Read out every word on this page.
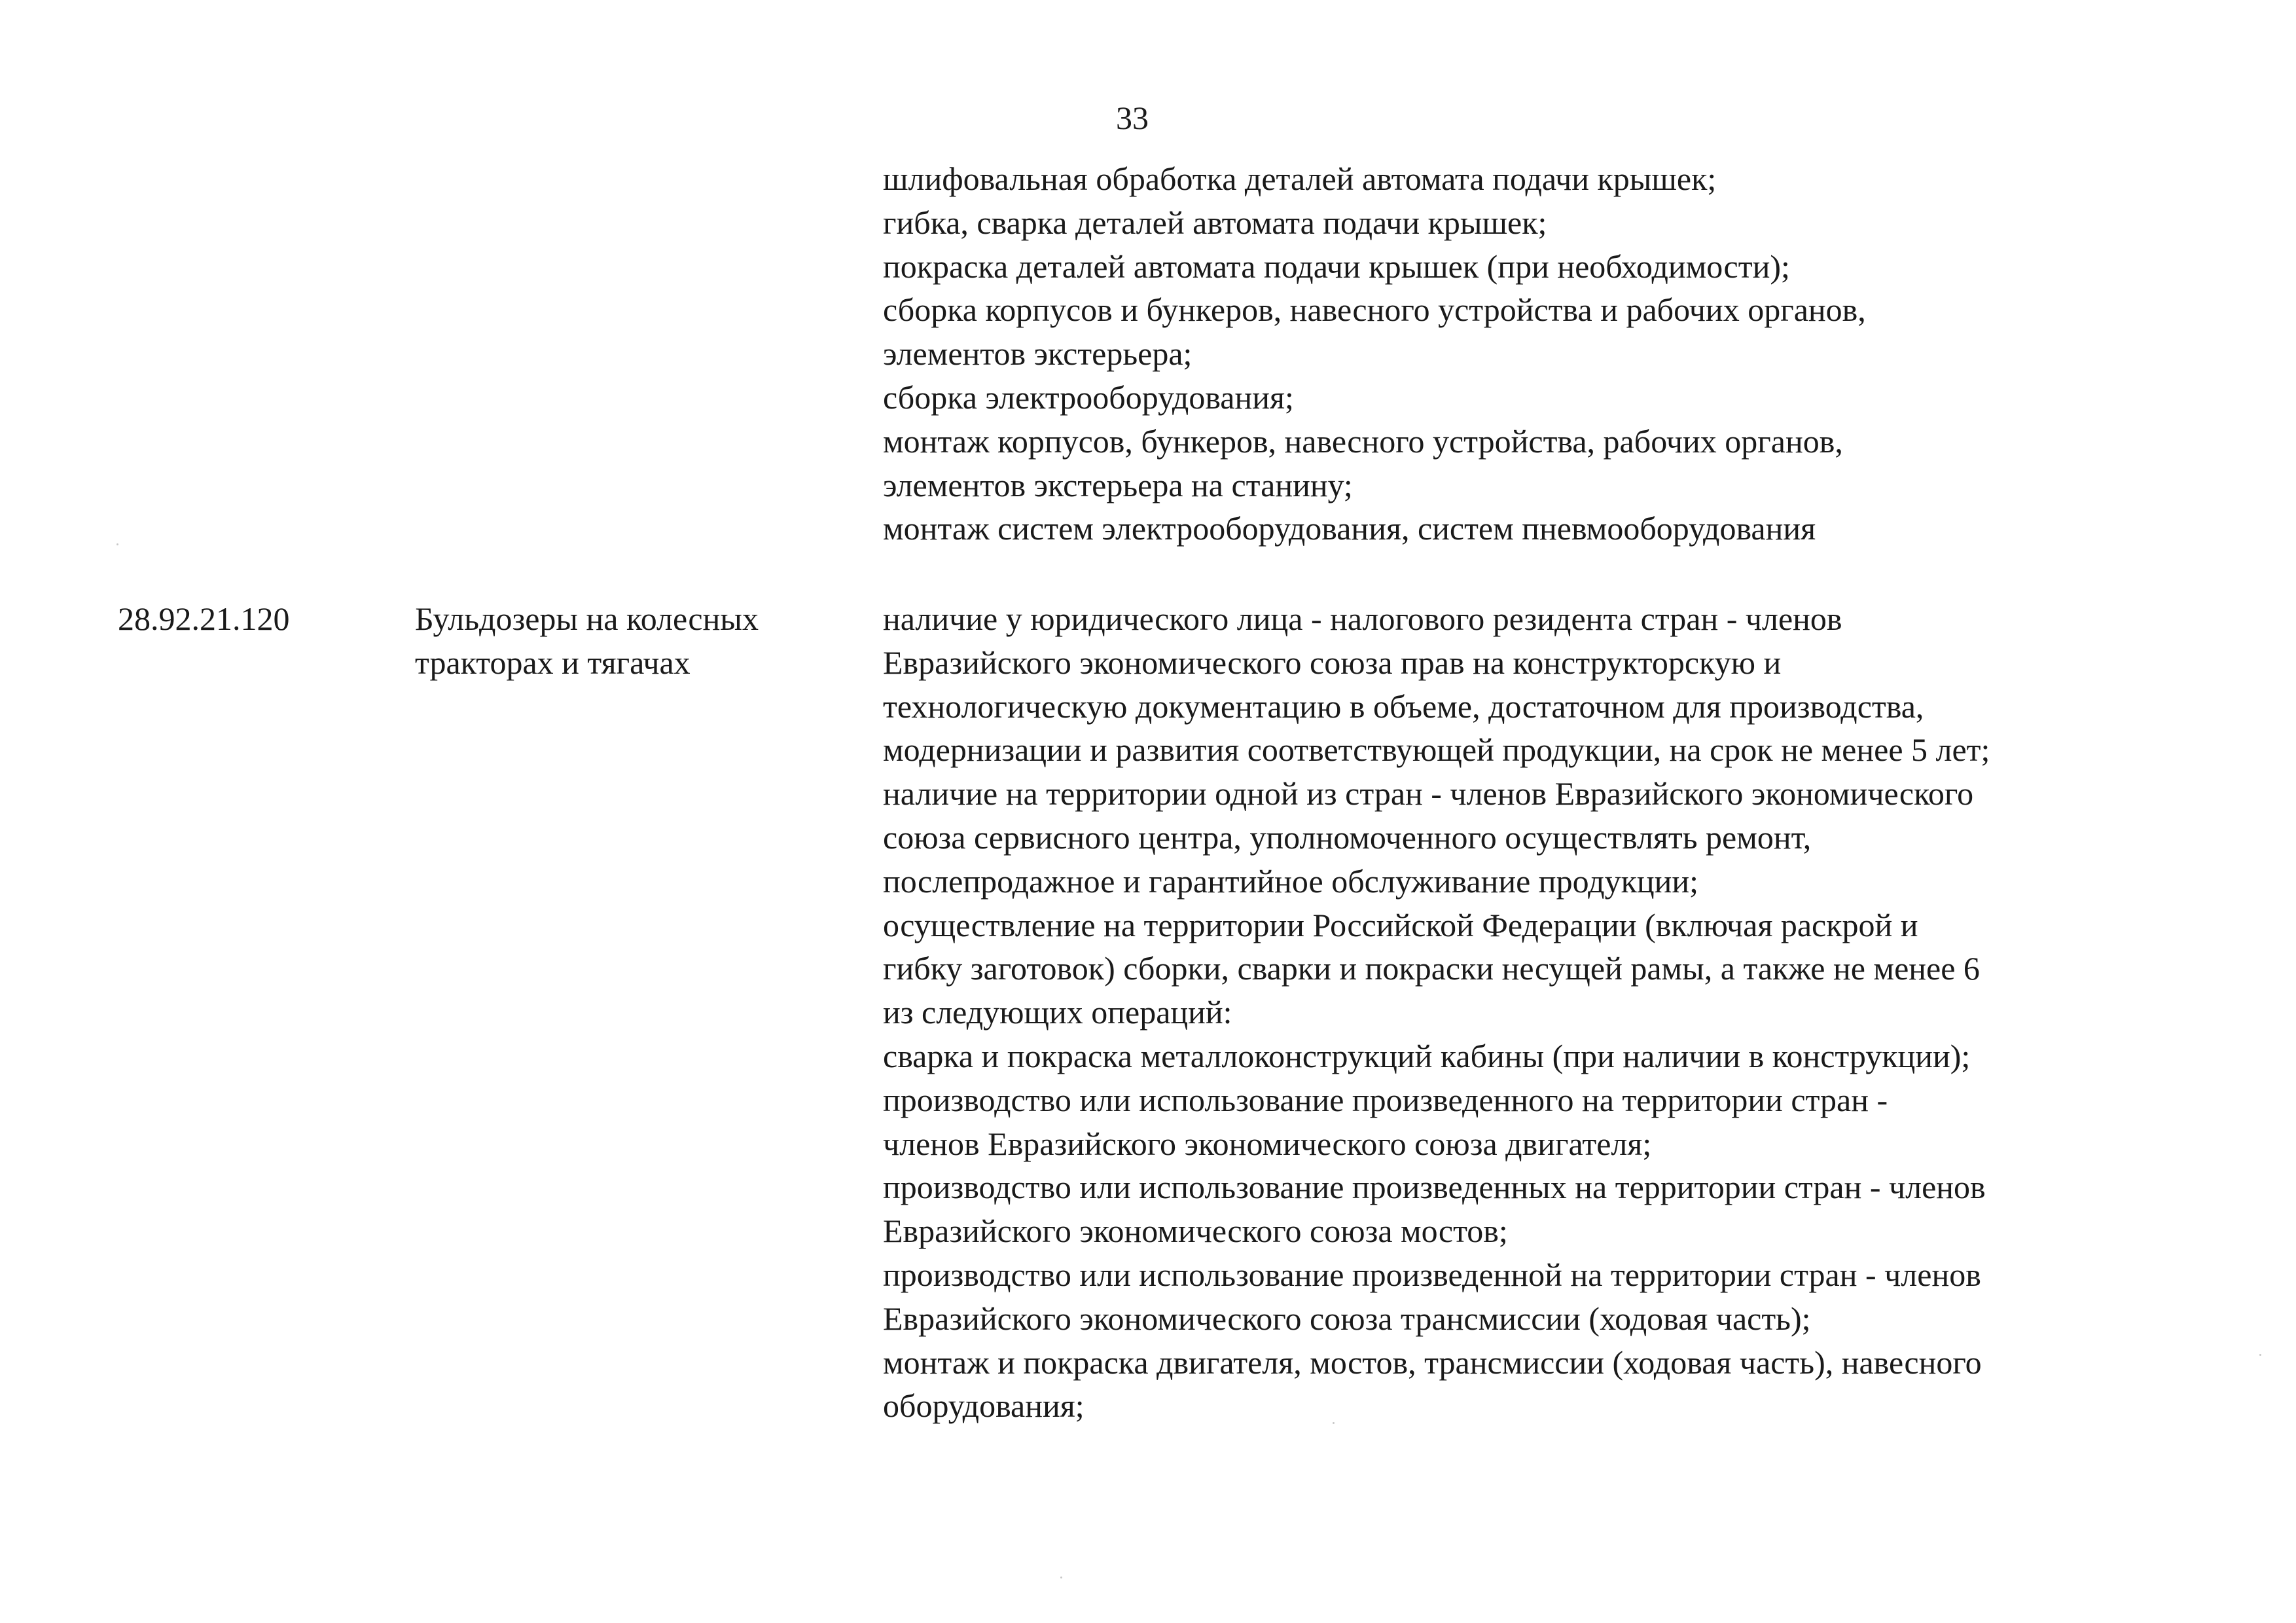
33
шлифовальная обработка деталей автомата подачи крышек;
гибка, сварка деталей автомата подачи крышек;
покраска деталей автомата подачи крышек (при необходимости);
сборка корпусов и бункеров, навесного устройства и рабочих органов,
элементов экстерьера;
сборка электрооборудования;
монтаж корпусов, бункеров, навесного устройства, рабочих органов,
элементов экстерьера на станину;
монтаж систем электрооборудования, систем пневмооборудования
28.92.21.120	Бульдозеры на колесных
тракторах и тягачах
наличие у юридического лица - налогового резидента стран - членов
Евразийского экономического союза прав на конструкторскую и
технологическую документацию в объеме, достаточном для производства,
модернизации и развития соответствующей продукции, на срок не менее 5 лет;
наличие на территории одной из стран - членов Евразийского экономического
союза сервисного центра, уполномоченного осуществлять ремонт,
послепродажное и гарантийное обслуживание продукции;
осуществление на территории Российской Федерации (включая раскрой и
гибку заготовок) сборки, сварки и покраски несущей рамы, а также не менее 6
из следующих операций:
сварка и покраска металлоконструкций кабины (при наличии в конструкции);
производство или использование произведенного на территории стран -
членов Евразийского экономического союза двигателя;
производство или использование произведенных на территории стран - членов
Евразийского экономического союза мостов;
производство или использование произведенной на территории стран - членов
Евразийского экономического союза трансмиссии (ходовая часть);
монтаж и покраска двигателя, мостов, трансмиссии (ходовая часть), навесного
оборудования;
